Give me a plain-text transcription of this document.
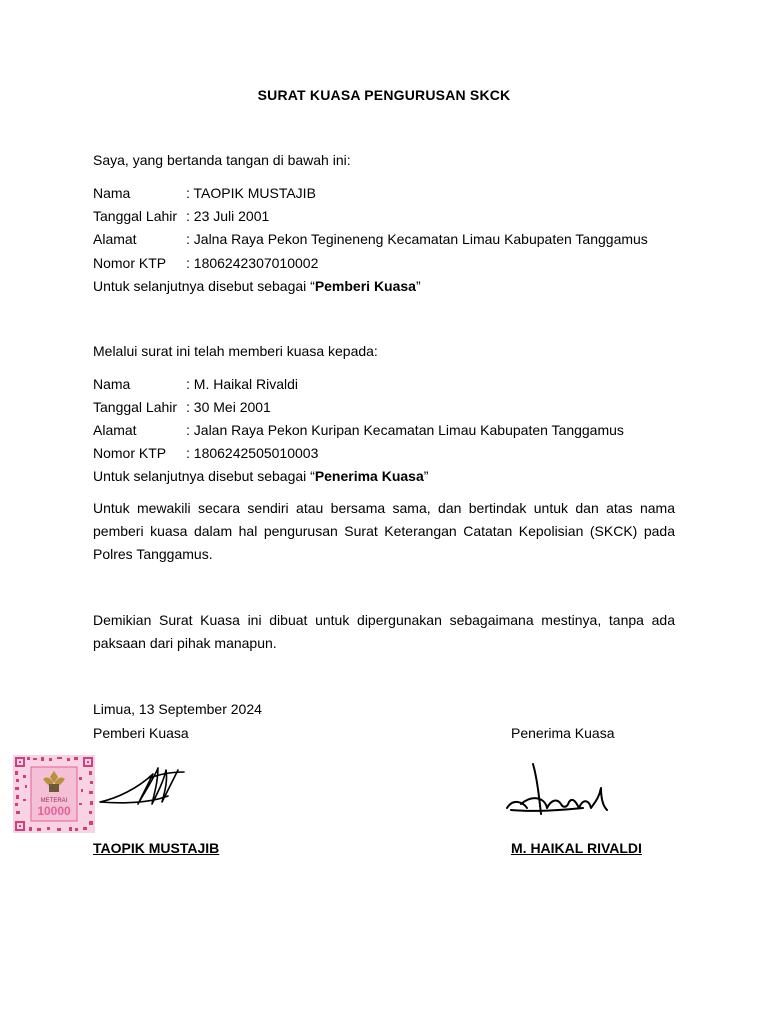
SURAT KUASA PENGURUSAN SKCK
Saya, yang bertanda tangan di bawah ini:
Nama	: TAOPIK MUSTAJIB
Tanggal Lahir : 23 Juli 2001
Alamat	: Jalna Raya Pekon Tegineneng Kecamatan Limau Kabupaten Tanggamus
Nomor KTP : 1806242307010002
Untuk selanjutnya disebut sebagai “Pemberi Kuasa”
Melalui surat ini telah memberi kuasa kepada:
Nama	: M. Haikal Rivaldi
Tanggal Lahir : 30 Mei 2001
Alamat	: Jalan Raya Pekon Kuripan Kecamatan Limau Kabupaten Tanggamus
Nomor KTP : 1806242505010003
Untuk selanjutnya disebut sebagai “Penerima Kuasa”
Untuk mewakili secara sendiri atau bersama sama, dan bertindak untuk dan atas nama pemberi kuasa dalam hal pengurusan Surat Keterangan Catatan Kepolisian (SKCK) pada Polres Tanggamus.
Demikian Surat Kuasa ini dibuat untuk dipergunakan sebagaimana mestinya, tanpa ada paksaan dari pihak manapun.
Limua, 13 September 2024
Pemberi Kuasa	Penerima Kuasa
METERAI
10000
TAOPIK MUSTAJIB	M. HAIKAL RIVALDI
